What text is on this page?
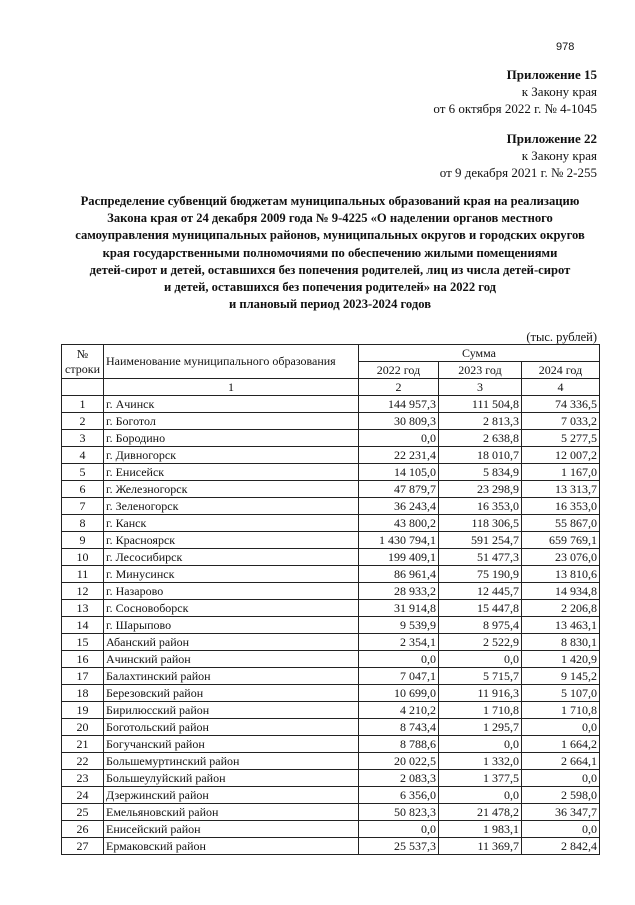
978
Приложение 15
к Закону края
от 6 октября 2022 г. № 4-1045
Приложение 22
к Закону края
от 9 декабря 2021 г. № 2-255
Распределение субвенций бюджетам муниципальных образований края на реализацию
Закона края от 24 декабря 2009 года № 9-4225 «О наделении органов местного
самоуправления муниципальных районов, муниципальных округов и городских округов
края государственными полномочиями по обеспечению жилыми помещениями
детей-сирот и детей, оставшихся без попечения родителей, лиц из числа детей-сирот
и детей, оставшихся без попечения родителей» на 2022 год
и плановый период 2023-2024 годов
(тыс. рублей)
№
строки	Наименование муниципального образования	Сумма		
		2022 год	2023 год	2024 год
	1	2	3	4
1	г. Ачинск	144 957,3	111 504,8	74 336,5
2	г. Боготол	30 809,3	2 813,3	7 033,2
3	г. Бородино	0,0	2 638,8	5 277,5
4	г. Дивногорск	22 231,4	18 010,7	12 007,2
5	г. Енисейск	14 105,0	5 834,9	1 167,0
6	г. Железногорск	47 879,7	23 298,9	13 313,7
7	г. Зеленогорск	36 243,4	16 353,0	16 353,0
8	г. Канск	43 800,2	118 306,5	55 867,0
9	г. Красноярск	1 430 794,1	591 254,7	659 769,1
10	г. Лесосибирск	199 409,1	51 477,3	23 076,0
11	г. Минусинск	86 961,4	75 190,9	13 810,6
12	г. Назарово	28 933,2	12 445,7	14 934,8
13	г. Сосновоборск	31 914,8	15 447,8	2 206,8
14	г. Шарыпово	9 539,9	8 975,4	13 463,1
15	Абанский район	2 354,1	2 522,9	8 830,1
16	Ачинский район	0,0	0,0	1 420,9
17	Балахтинский район	7 047,1	5 715,7	9 145,2
18	Березовский район	10 699,0	11 916,3	5 107,0
19	Бирилюсский район	4 210,2	1 710,8	1 710,8
20	Боготольский район	8 743,4	1 295,7	0,0
21	Богучанский район	8 788,6	0,0	1 664,2
22	Большемуртинский район	20 022,5	1 332,0	2 664,1
23	Большеулуйский район	2 083,3	1 377,5	0,0
24	Дзержинский район	6 356,0	0,0	2 598,0
25	Емельяновский район	50 823,3	21 478,2	36 347,7
26	Енисейский район	0,0	1 983,1	0,0
27	Ермаковский район	25 537,3	11 369,7	2 842,4
